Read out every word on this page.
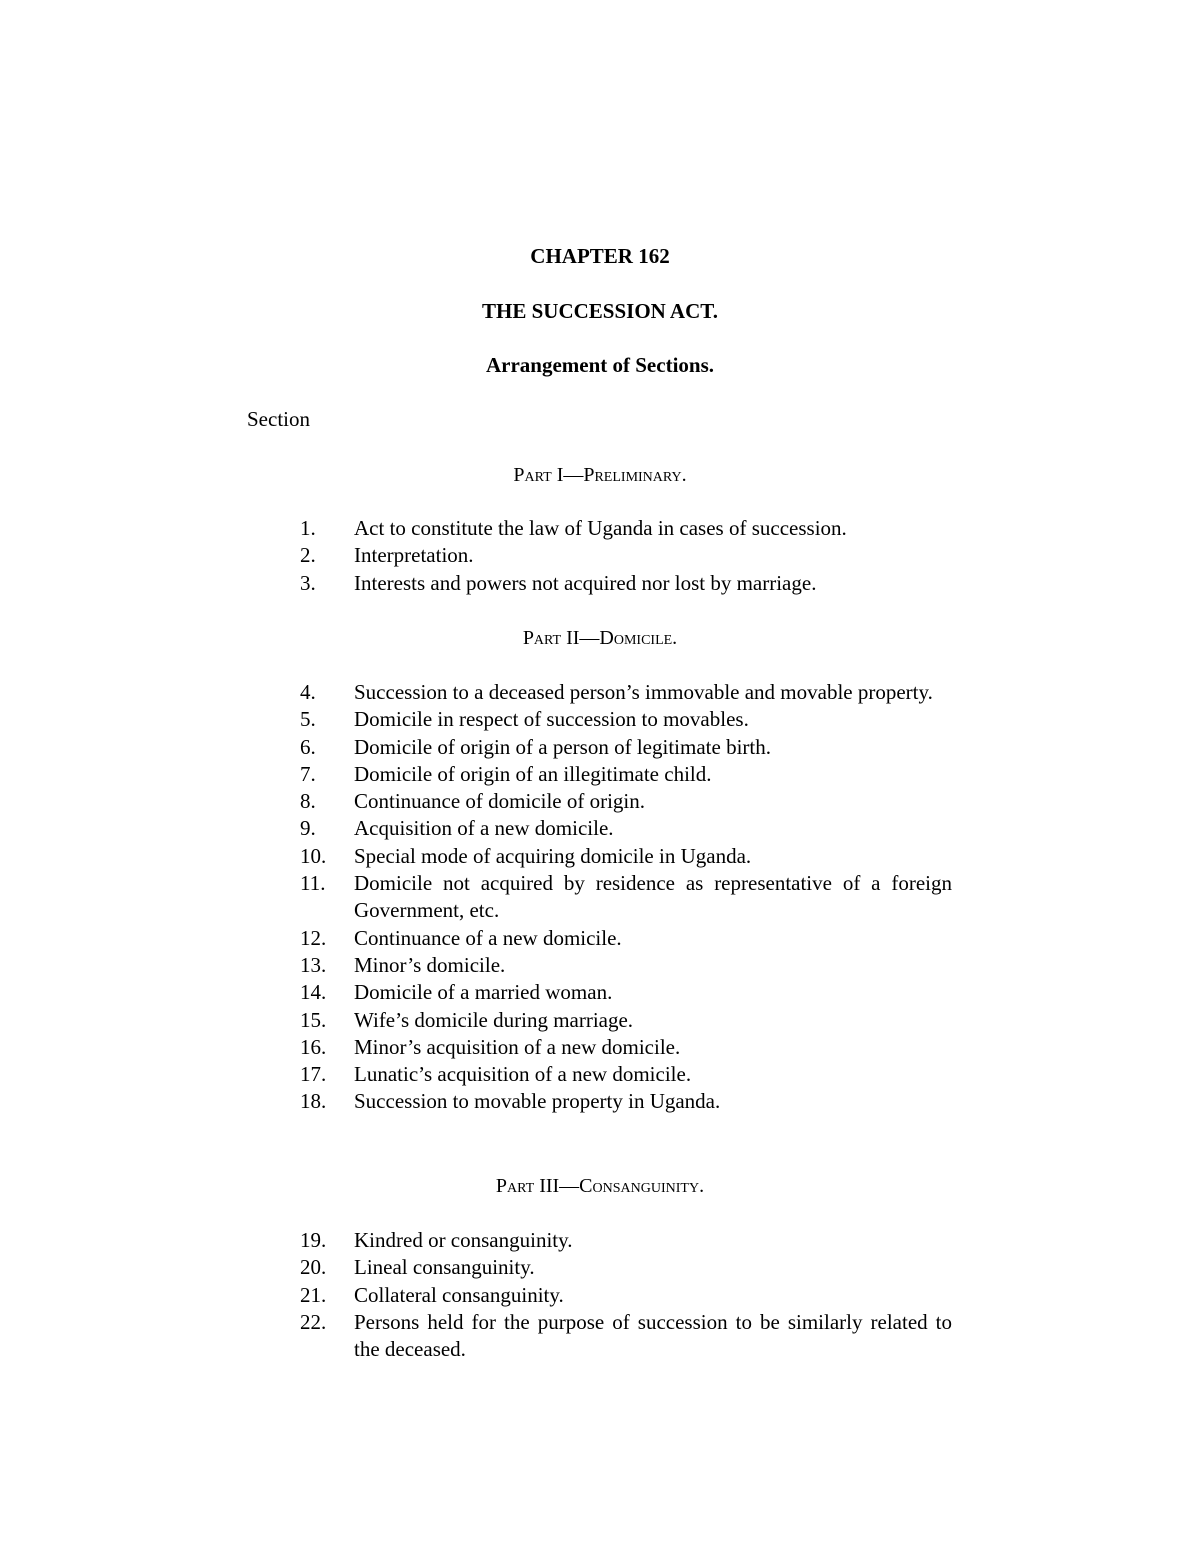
CHAPTER 162
THE SUCCESSION ACT.
Arrangement of Sections.
Section
Part I—Preliminary.
1.	Act to constitute the law of Uganda in cases of succession.
2.	Interpretation.
3.	Interests and powers not acquired nor lost by marriage.
Part II—Domicile.
4.	Succession to a deceased person’s immovable and movable property.
5.	Domicile in respect of succession to movables.
6.	Domicile of origin of a person of legitimate birth.
7.	Domicile of origin of an illegitimate child.
8.	Continuance of domicile of origin.
9.	Acquisition of a new domicile.
10.	Special mode of acquiring domicile in Uganda.
11.	Domicile not acquired by residence as representative of a foreign Government, etc.
12.	Continuance of a new domicile.
13.	Minor’s domicile.
14.	Domicile of a married woman.
15.	Wife’s domicile during marriage.
16.	Minor’s acquisition of a new domicile.
17.	Lunatic’s acquisition of a new domicile.
18.	Succession to movable property in Uganda.
Part III—Consanguinity.
19.	Kindred or consanguinity.
20.	Lineal consanguinity.
21.	Collateral consanguinity.
22.	Persons held for the purpose of succession to be similarly related to the deceased.
